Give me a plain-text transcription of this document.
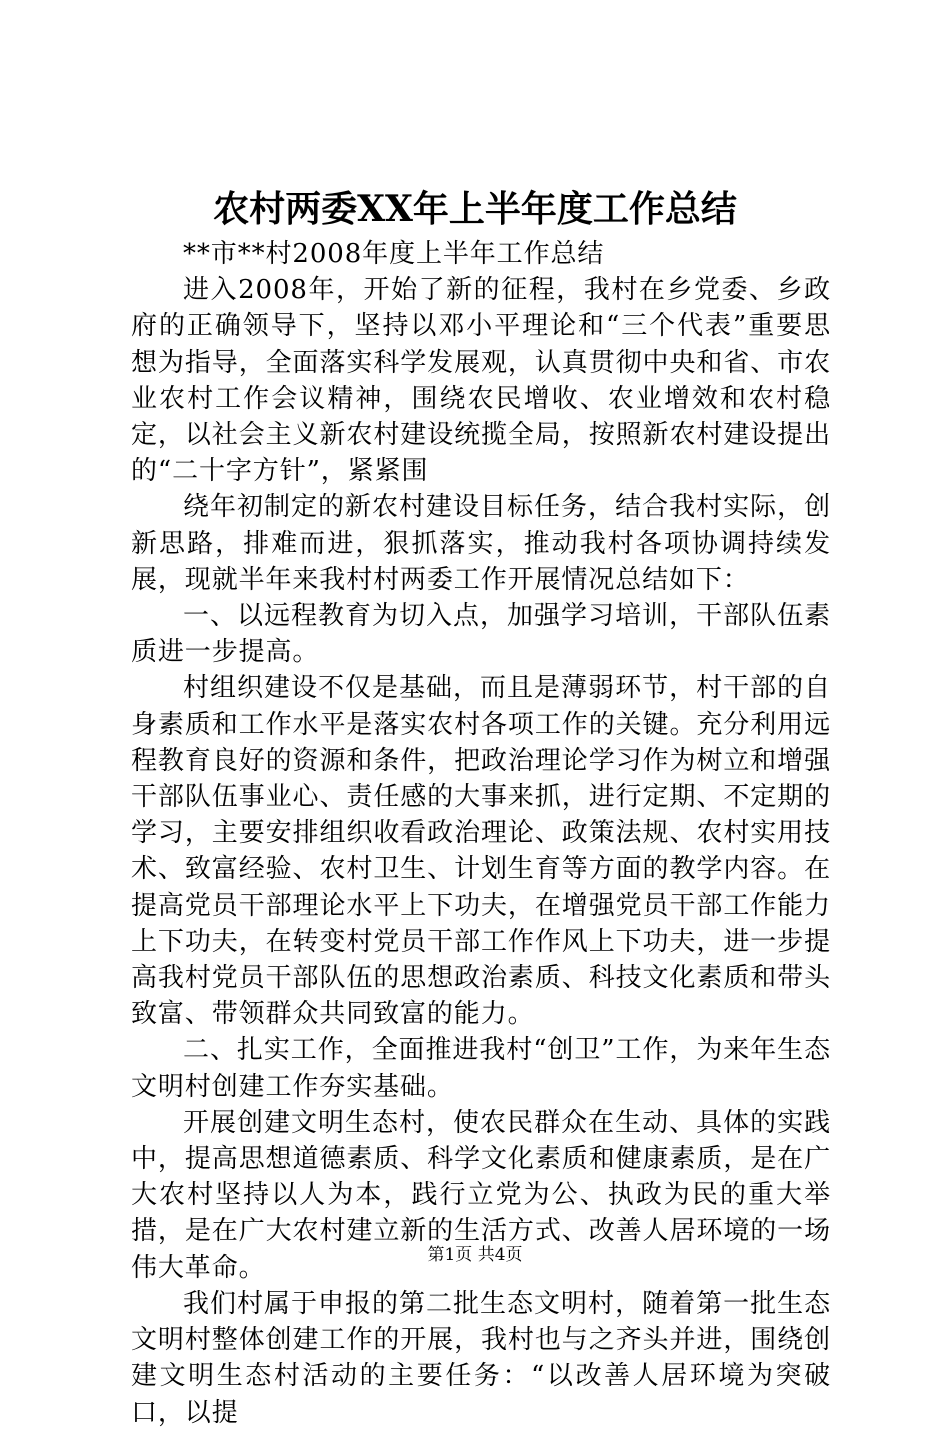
农村两委XX年上半年度工作总结

**市**村2008年度上半年工作总结

进入2008年，开始了新的征程，我村在乡党委、乡政府的正确领导下，坚持以邓小平理论和“三个代表”重要思想为指导，全面落实科学发展观，认真贯彻中央和省、市农业农村工作会议精神，围绕农民增收、农业增效和农村稳定，以社会主义新农村建设统揽全局，按照新农村建设提出的“二十字方针”，紧紧围

绕年初制定的新农村建设目标任务，结合我村实际，创新思路，排难而进，狠抓落实，推动我村各项协调持续发展，现就半年来我村村两委工作开展情况总结如下：

一、以远程教育为切入点，加强学习培训，干部队伍素质进一步提高。

村组织建设不仅是基础，而且是薄弱环节，村干部的自身素质和工作水平是落实农村各项工作的关键。充分利用远程教育良好的资源和条件，把政治理论学习作为树立和增强干部队伍事业心、责任感的大事来抓，进行定期、不定期的学习，主要安排组织收看政治理论、政策法规、农村实用技术、致富经验、农村卫生、计划生育等方面的教学内容。在提高党员干部理论水平上下功夫，在增强党员干部工作能力上下功夫，在转变村党员干部工作作风上下功夫，进一步提高我村党员干部队伍的思想政治素质、科技文化素质和带头致富、带领群众共同致富的能力。

二、扎实工作，全面推进我村“创卫”工作，为来年生态文明村创建工作夯实基础。

开展创建文明生态村，使农民群众在生动、具体的实践中，提高思想道德素质、科学文化素质和健康素质，是在广大农村坚持以人为本，践行立党为公、执政为民的重大举措，是在广大农村建立新的生活方式、改善人居环境的一场伟大革命。

我们村属于申报的第二批生态文明村，随着第一批生态文明村整体创建工作的开展，我村也与之齐头并进，围绕创建文明生态村活动的主要任务：“以改善人居环境为突破口，以提

第1页 共4页
